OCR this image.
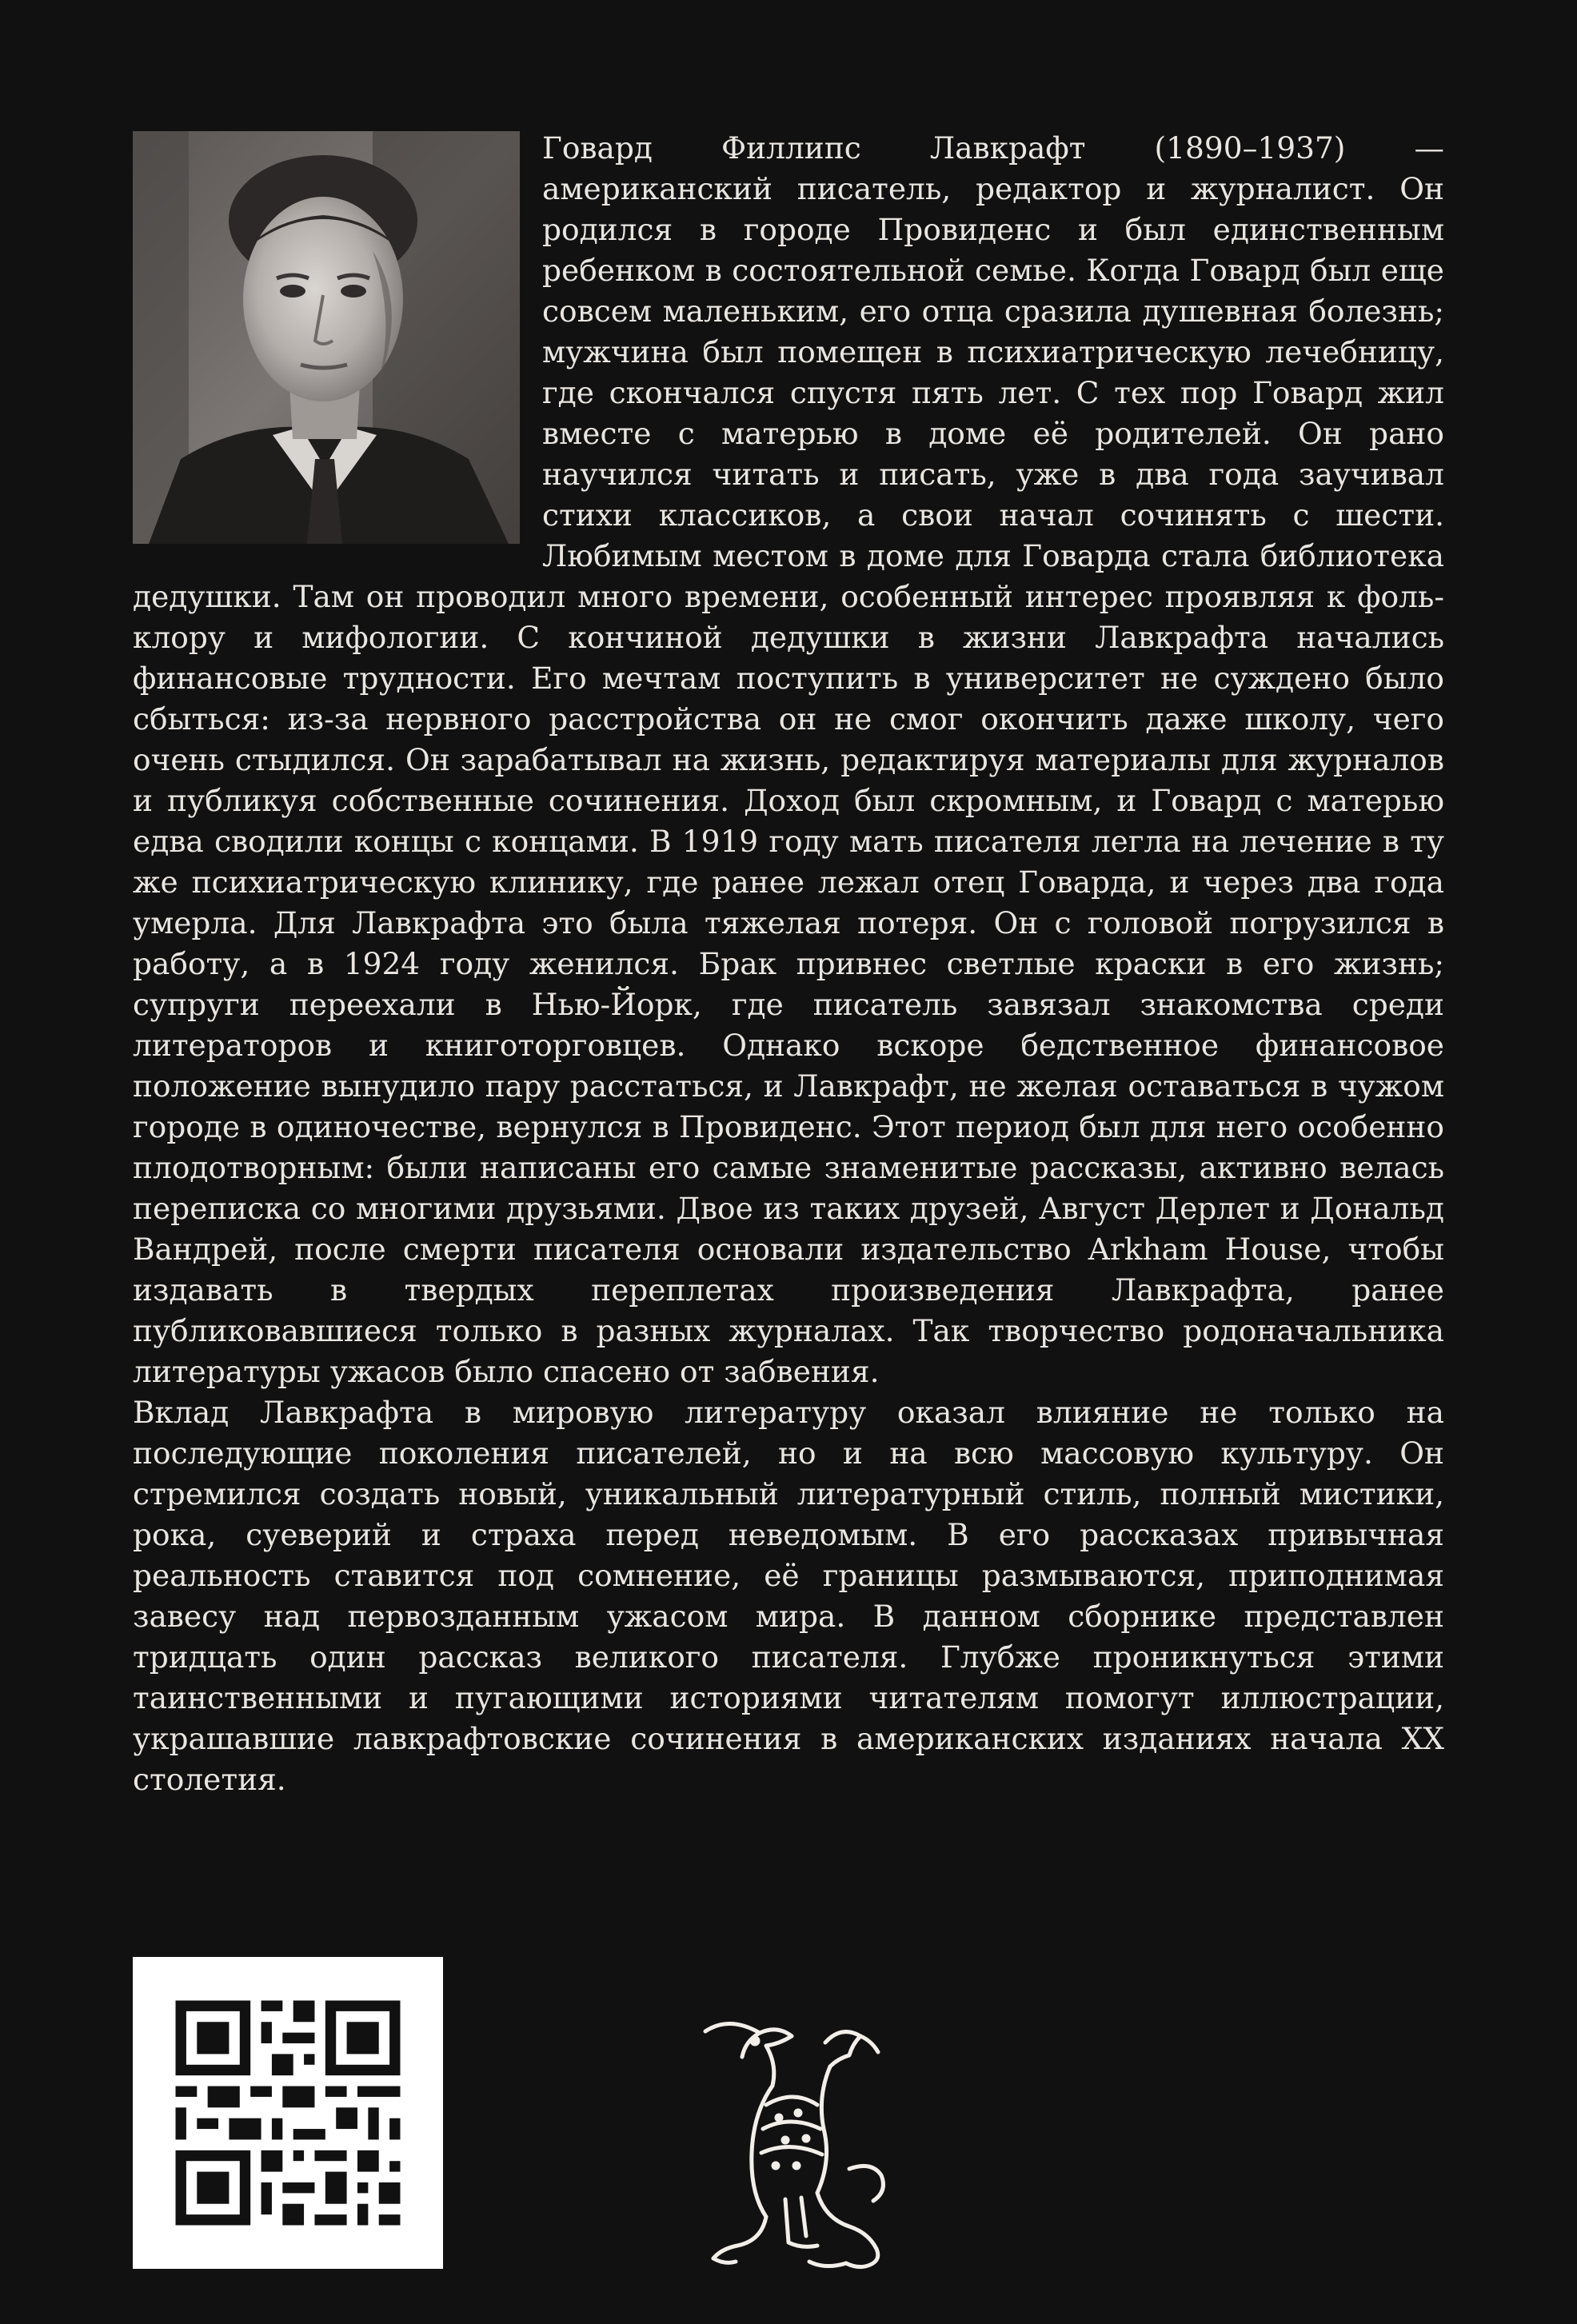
Говард Филлипс Лавкрафт (1890–1937) — американский писатель, редактор и журналист. Он родился в городе Провиденс и был единственным ребенком в состоятельной семье. Когда Говард был еще совсем маленьким, его отца сразила душевная болезнь; мужчина был помещен в психиатрическую лечебницу, где скончался спустя пять лет. С тех пор Говард жил вместе с матерью в доме её родителей. Он рано научился читать и писать, уже в два года заучивал стихи классиков, а свои начал сочинять с шести. Любимым местом в доме для Говарда стала библиотека дедушки. Там он проводил много времени, особенный интерес проявляя к фольклору и мифологии. С кончиной дедушки в жизни Лавкрафта начались финансовые трудности. Его мечтам поступить в университет не суждено было сбыться: из-за нервного расстройства он не смог окончить даже школу, чего очень стыдился. Он зарабатывал на жизнь, редактируя материалы для журналов и публикуя собственные сочинения. Доход был скромным, и Говард с матерью едва сводили концы с концами. В 1919 году мать писателя легла на лечение в ту же психиатрическую клинику, где ранее лежал отец Говарда, и через два года умерла. Для Лавкрафта это была тяжелая потеря. Он с головой погрузился в работу, а в 1924 году женился. Брак привнес светлые краски в его жизнь; супруги переехали в Нью-Йорк, где писатель завязал знакомства среди литераторов и книготорговцев. Однако вскоре бедственное финансовое положение вынудило пару расстаться, и Лавкрафт, не желая оставаться в чужом городе в одиночестве, вернулся в Провиденс. Этот период был для него особенно плодотворным: были написаны его самые знаменитые рассказы, активно велась переписка со многими друзьями. Двое из таких друзей, Август Дерлет и Дональд Вандрей, после смерти писателя основали издательство Arkham House, чтобы издавать в твердых переплетах произведения Лавкрафта, ранее публиковавшиеся только в разных журналах. Так творчество родоначальника литературы ужасов было спасено от забвения.

Вклад Лавкрафта в мировую литературу оказал влияние не только на последующие поколения писателей, но и на всю массовую культуру. Он стремился создать новый, уникальный литературный стиль, полный мистики, рока, суеверий и страха перед неведомым. В его рассказах привычная реальность ставится под сомнение, её границы размываются, приподнимая завесу над первозданным ужасом мира. В данном сборнике представлен тридцать один рассказ великого писателя. Глубже проникнуться этими таинственными и пугающими историями читателям помогут иллюстрации, украшавшие лавкрафтовские сочинения в американских изданиях начала XX столетия.
